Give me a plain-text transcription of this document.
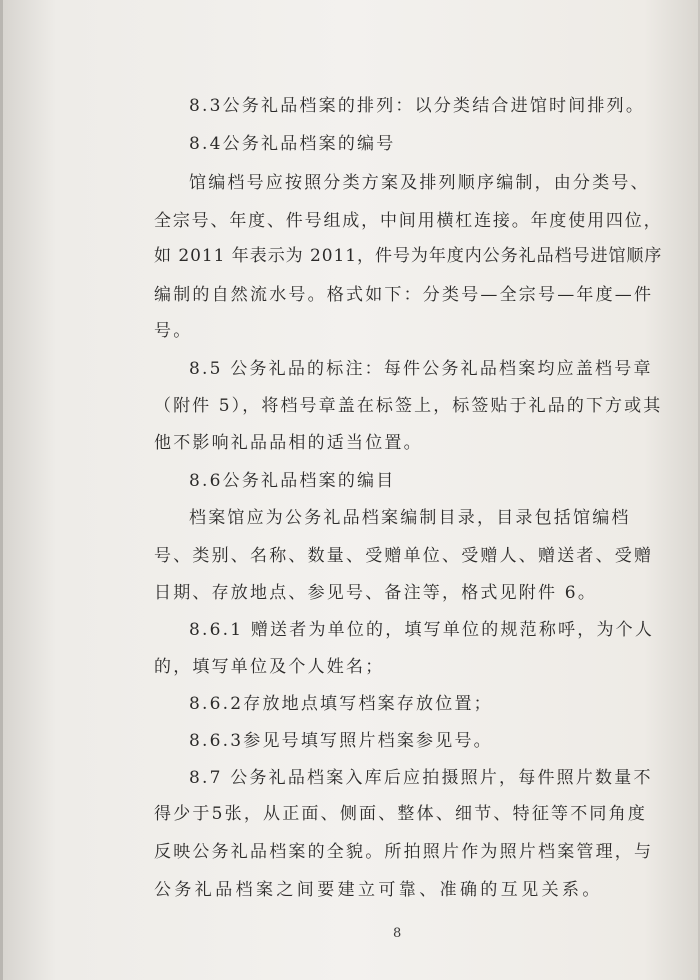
8.3公务礼品档案的排列：以分类结合进馆时间排列。
8.4公务礼品档案的编号
馆编档号应按照分类方案及排列顺序编制，由分类号、
全宗号、年度、件号组成，中间用横杠连接。年度使用四位，
如 2011 年表示为 2011，件号为年度内公务礼品档号进馆顺序
编制的自然流水号。格式如下：分类号—全宗号—年度—件
号。
8.5 公务礼品的标注：每件公务礼品档案均应盖档号章
（附件 5），将档号章盖在标签上，标签贴于礼品的下方或其
他不影响礼品品相的适当位置。
8.6公务礼品档案的编目
档案馆应为公务礼品档案编制目录，目录包括馆编档
号、类别、名称、数量、受赠单位、受赠人、赠送者、受赠
日期、存放地点、参见号、备注等，格式见附件 6。
8.6.1 赠送者为单位的，填写单位的规范称呼，为个人
的，填写单位及个人姓名；
8.6.2存放地点填写档案存放位置；
8.6.3参见号填写照片档案参见号。
8.7 公务礼品档案入库后应拍摄照片，每件照片数量不
得少于5张，从正面、侧面、整体、细节、特征等不同角度
反映公务礼品档案的全貌。所拍照片作为照片档案管理，与
公务礼品档案之间要建立可靠、准确的互见关系。
8
